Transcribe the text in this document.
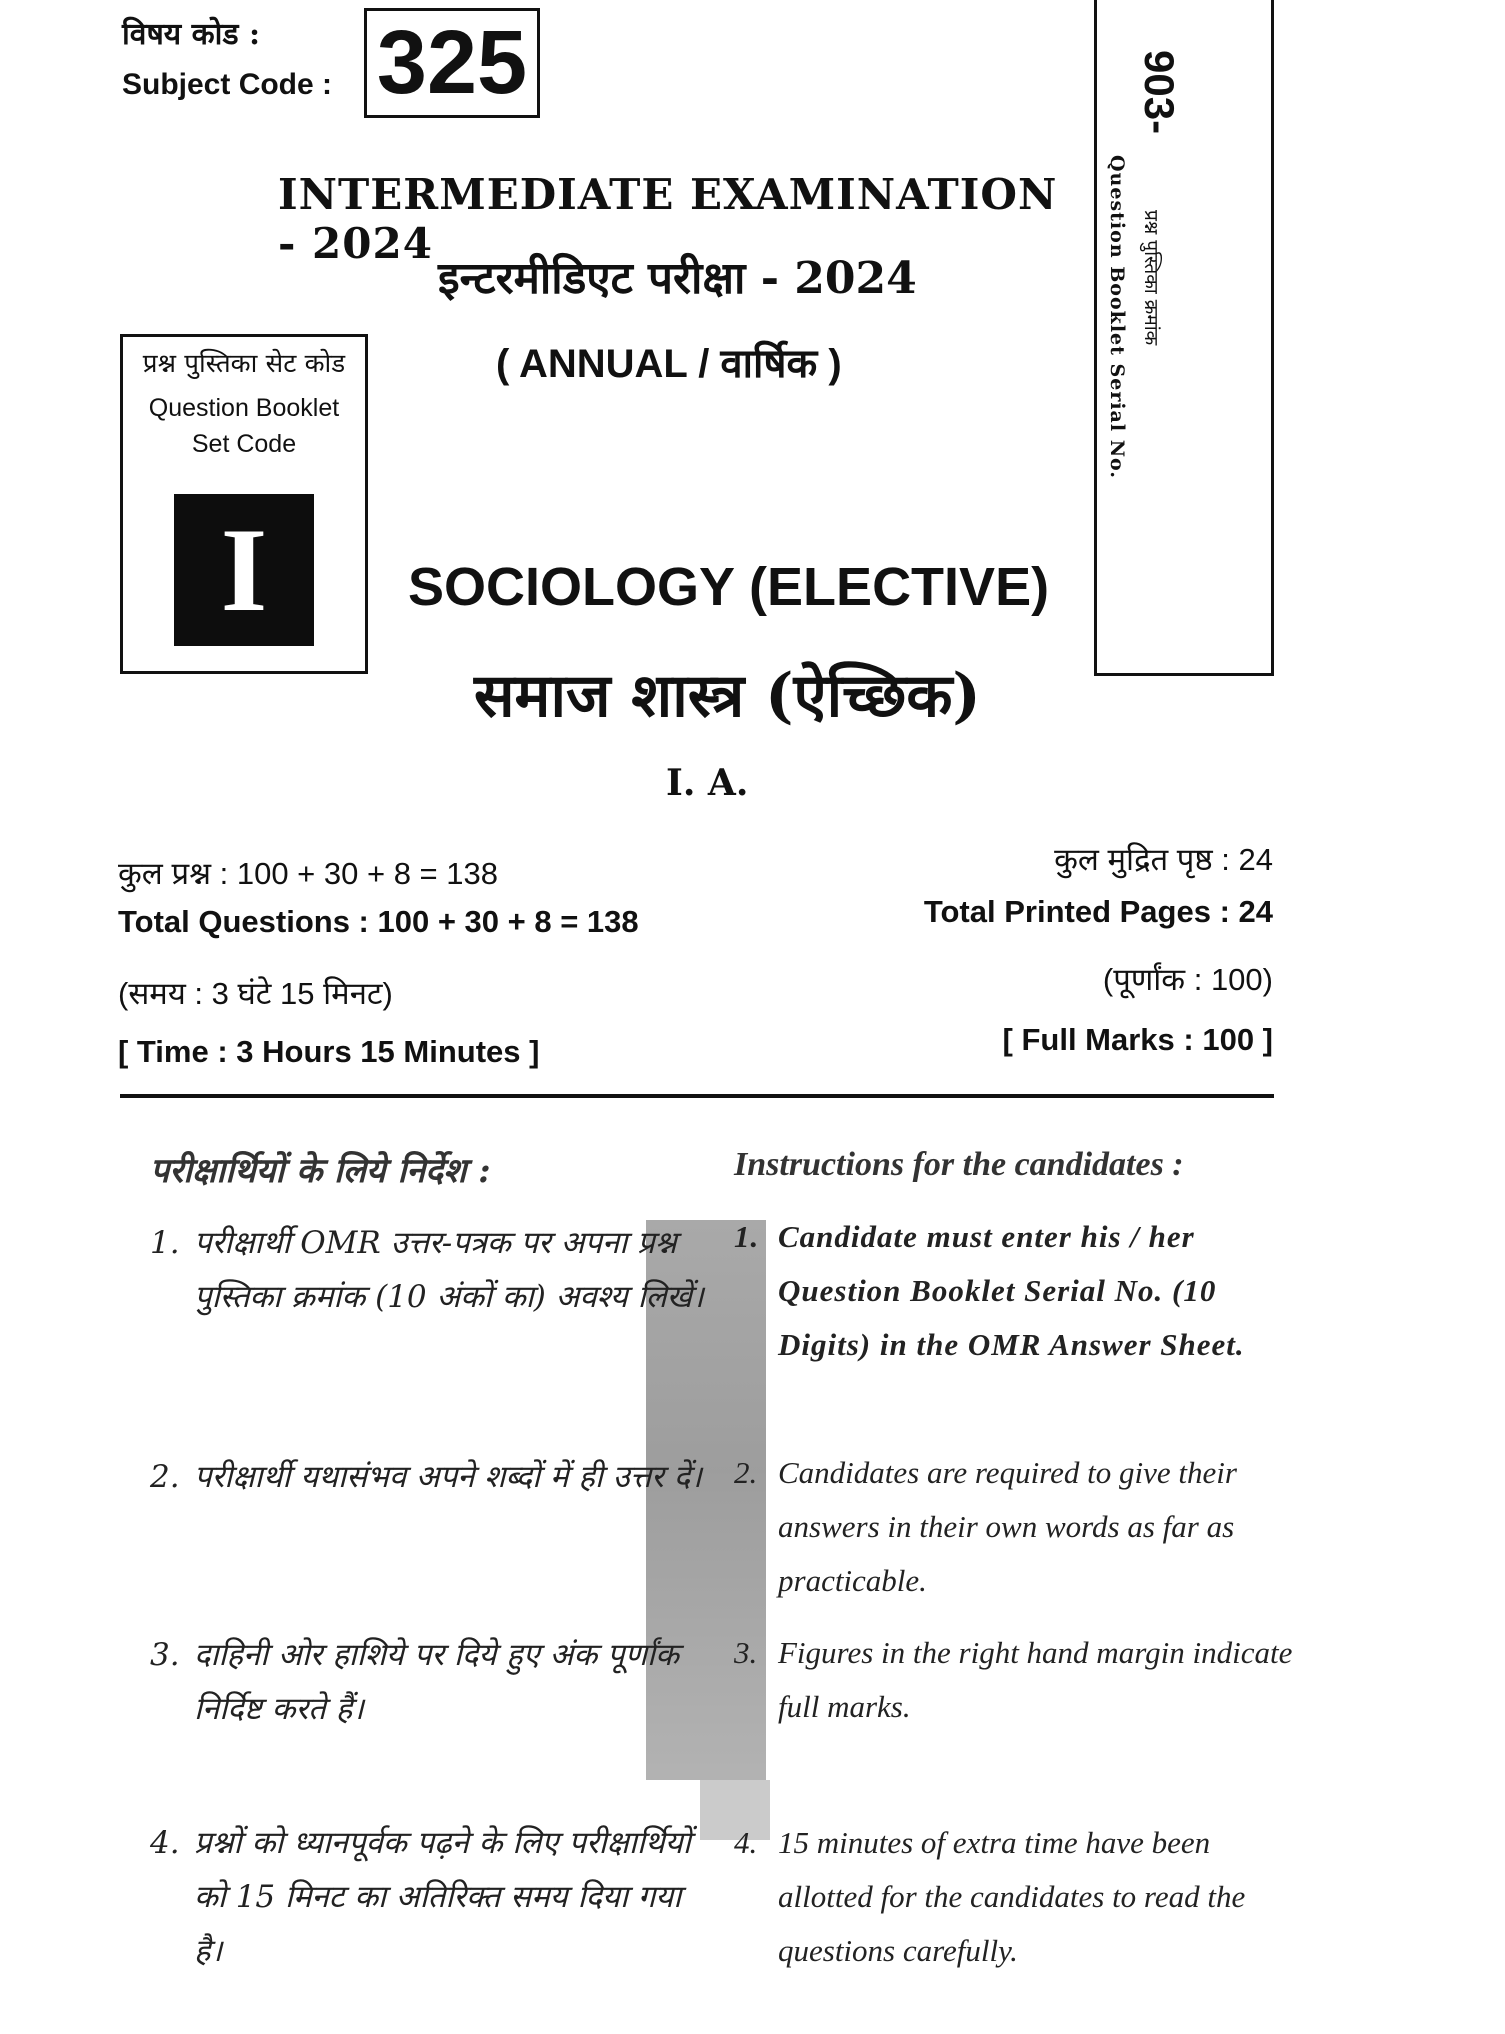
विषय कोड :
Subject Code : 325	903-
Question Booklet Serial No. प्रश्न पुस्तिका क्रमांक
INTERMEDIATE EXAMINATION - 2024
इन्टरमीडिएट परीक्षा - 2024
( ANNUAL / वार्षिक )
प्रश्न पुस्तिका सेट कोड
Question Booklet
Set Code
I	SOCIOLOGY (ELECTIVE)
समाज शास्त्र (ऐच्छिक)
I. A.
कुल प्रश्न : 100 + 30 + 8 = 138
Total Questions : 100 + 30 + 8 = 138
(समय : 3 घंटे 15 मिनट)
[ Time : 3 Hours 15 Minutes ]
कुल मुद्रित पृष्ठ : 24
Total Printed Pages : 24
(पूर्णांक : 100)
[ Full Marks : 100 ]
परीक्षार्थियों के लिये निर्देश :	Instructions for the candidates :
1. परीक्षार्थी OMR उत्तर-पत्रक पर अपना प्रश्न पुस्तिका क्रमांक (10 अंकों का) अवश्य लिखें।
1. Candidate must enter his / her Question Booklet Serial No. (10 Digits) in the OMR Answer Sheet.
2. परीक्षार्थी यथासंभव अपने शब्दों में ही उत्तर दें। 2. Candidates are required to give their answers in their own words as far as practicable.
3. दाहिनी ओर हाशिये पर दिये हुए अंक पूर्णांक निर्दिष्ट करते हैं।
3. Figures in the right hand margin indicate full marks.
4. प्रश्नों को ध्यानपूर्वक पढ़ने के लिए परीक्षार्थियों को 15 मिनट का अतिरिक्त समय दिया गया है।
4. 15 minutes of extra time have been allotted for the candidates to read the questions carefully.
